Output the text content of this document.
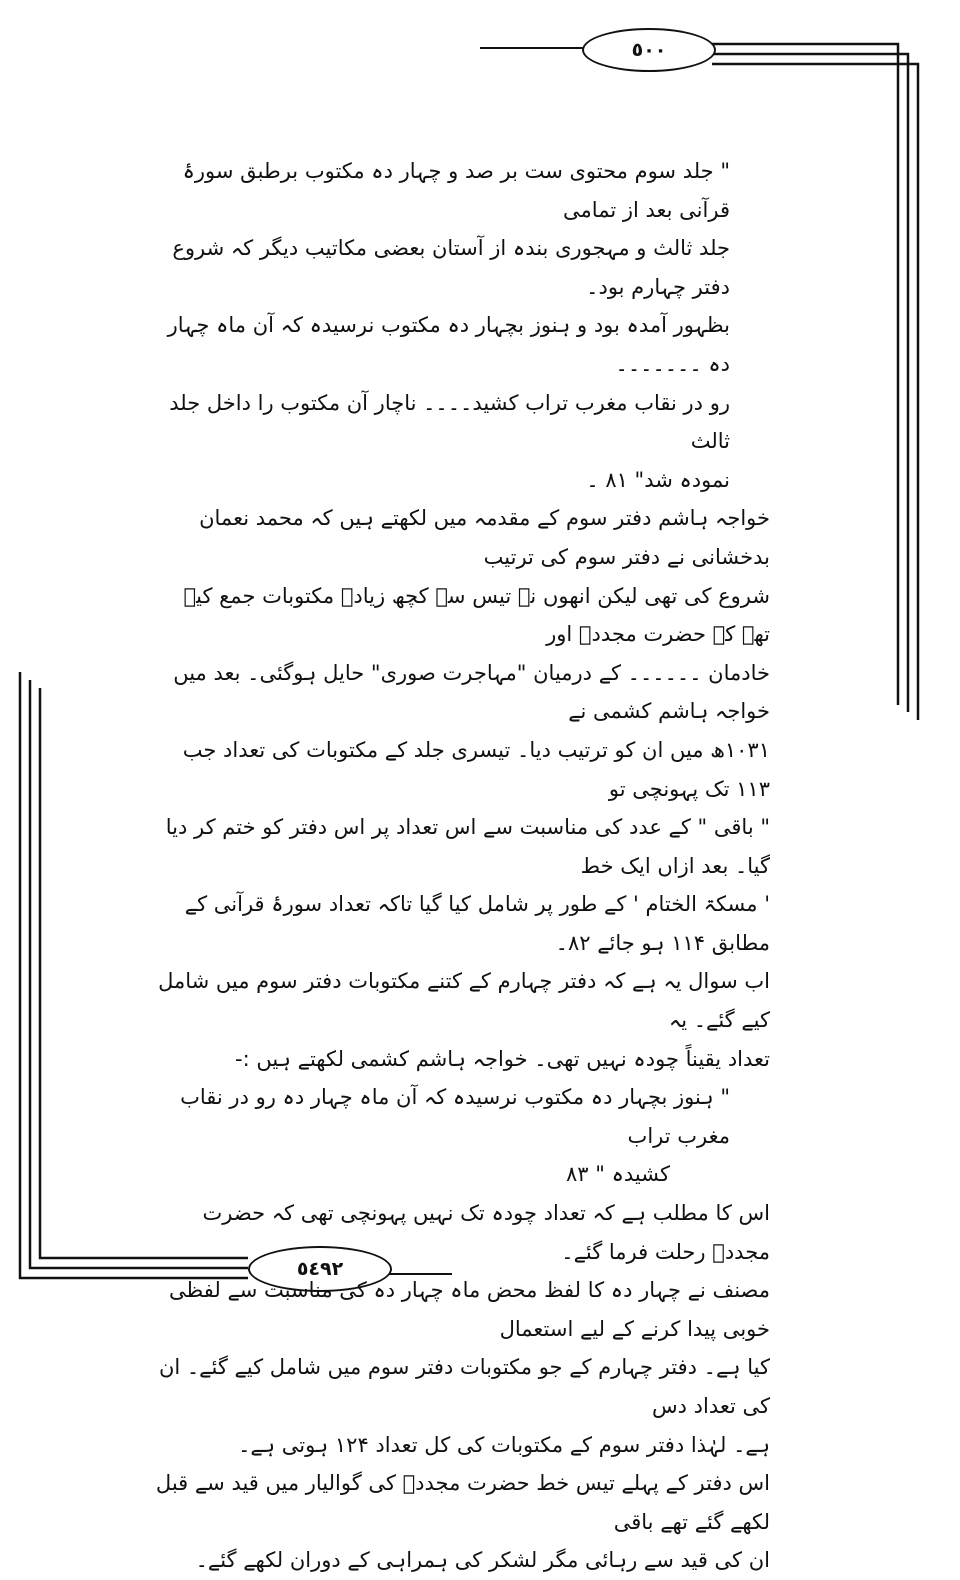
٥٠٠
٥٤٩٢

" جلد سوم محتوی ست بر صد و چہار دہ مکتوب برطبق سورۂ قرآنی بعد از تمامی

جلد ثالث و مہجوری بندہ از آستان بعضی مکاتیب دیگر کہ شروع دفتر چہارم بود۔

بظہور آمدہ بود و ہنوز بچہار دہ مکتوب نرسیدہ کہ آن ماہ چہار دہ ۔۔۔۔۔۔۔

رو در نقاب مغرب تراب کشید۔۔۔۔ ناچار آن مکتوب را داخل جلد ثالث

نمودہ شد" ۸۱ ۔

خواجہ ہاشم دفتر سوم کے مقدمہ میں لکھتے ہیں کہ محمد نعمان بدخشانی نے دفتر سوم کی ترتیب

شروع کی تھی لیکن انھوں نے تیس سے کچھ زیادہ مکتوبات جمع کیے تھے کہ حضرت مجددؒ اور

خادمان ۔۔۔۔۔۔ کے درمیان "مہاجرت صوری" حایل ہوگئی۔ بعد میں خواجہ ہاشم کشمی نے

۱۰۳۱ھ میں ان کو ترتیب دیا۔ تیسری جلد کے مکتوبات کی تعداد جب ۱۱۳ تک پہونچی تو

" باقی " کے عدد کی مناسبت سے اس تعداد پر اس دفتر کو ختم کر دیا گیا۔ بعد ازاں ایک خط

' مسکۃ الختام ' کے طور پر شامل کیا گیا تاکہ تعداد سورۂ قرآنی کے مطابق ۱۱۴ ہو جائے ۸۲۔

اب سوال یہ ہے کہ دفتر چہارم کے کتنے مکتوبات دفتر سوم میں شامل کیے گئے۔ یہ

تعداد یقیناً چودہ نہیں تھی۔ خواجہ ہاشم کشمی لکھتے ہیں :-

" ہنوز بچہار دہ مکتوب نرسیدہ کہ آن ماہ چہار دہ رو در نقاب مغرب تراب

کشیدہ " ۸۳

اس کا مطلب ہے کہ تعداد چودہ تک نہیں پہونچی تھی کہ حضرت مجددؒ رحلت فرما گئے۔

مصنف نے چہار دہ کا لفظ محض ماہ چہار دہ کی مناسبت سے لفظی خوبی پیدا کرنے کے لیے استعمال

کیا ہے۔ دفتر چہارم کے جو مکتوبات دفتر سوم میں شامل کیے گئے۔ ان کی تعداد دس

ہے۔ لہٰذا دفتر سوم کے مکتوبات کی کل تعداد ۱۲۴ ہوتی ہے۔

اس دفتر کے پہلے تیس خط حضرت مجددؒ کی گوالیار میں قید سے قبل لکھے گئے تھے باقی

ان کی قید سے رہائی مگر لشکر کی ہمراہی کے دوران لکھے گئے۔
